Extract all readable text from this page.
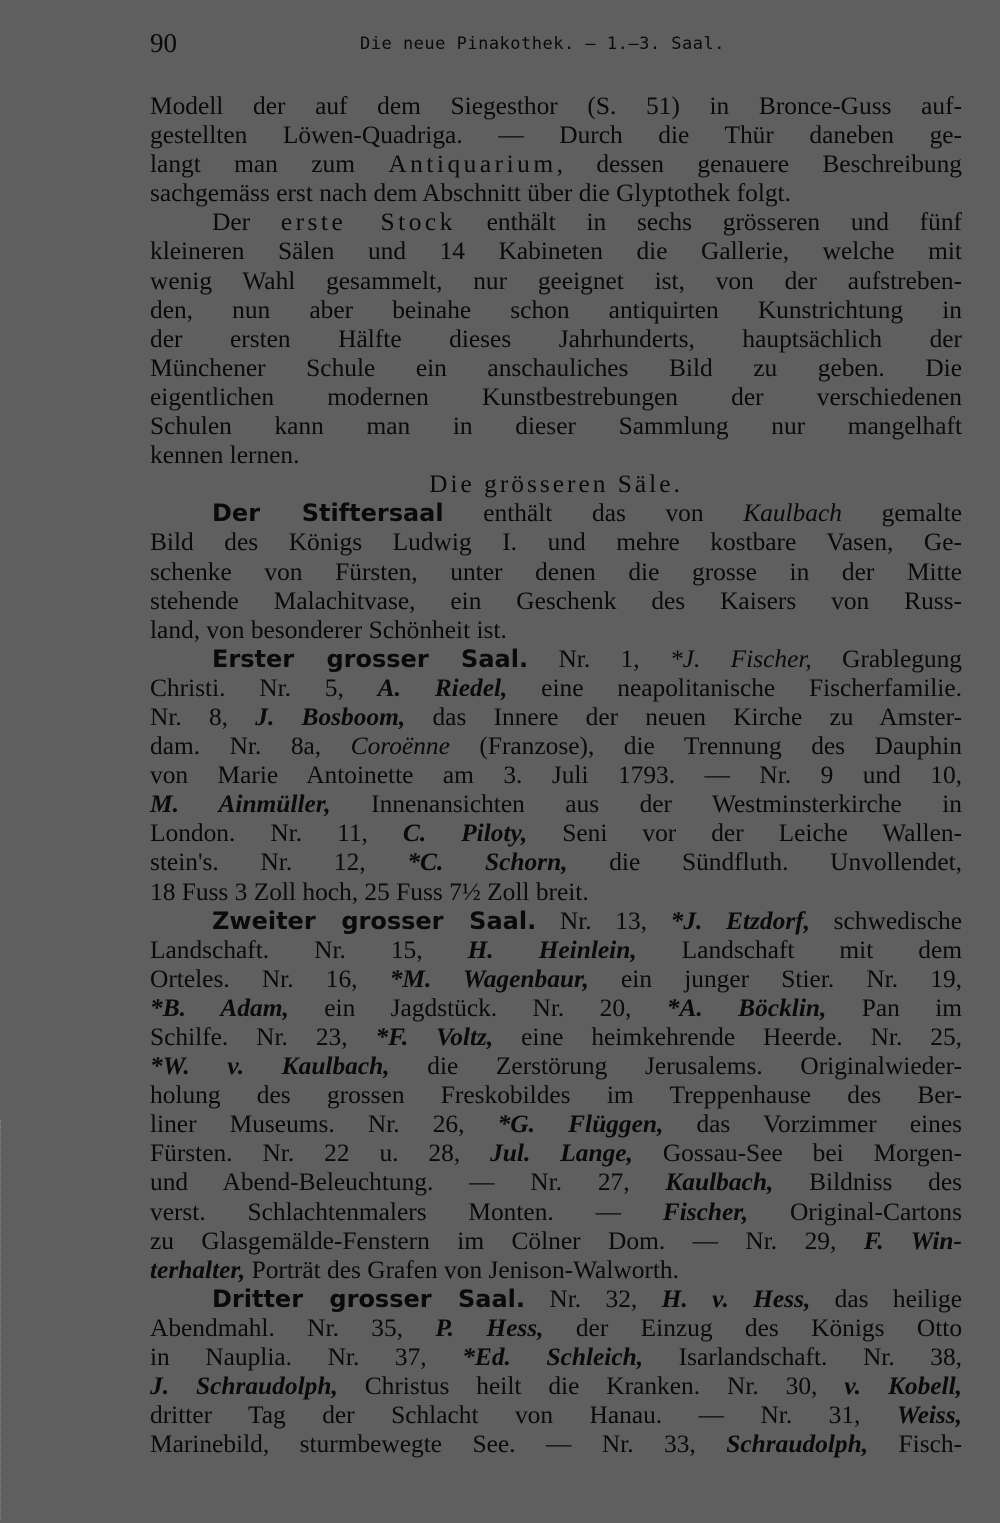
90	Die neue Pinakothek. — 1.—3. Saal.
Modell der auf dem Siegesthor (S. 51) in Bronce-Guss auf-
gestellten Löwen-Quadriga. — Durch die Thür daneben ge-
langt man zum Antiquarium, dessen genauere Beschreibung
sachgemäss erst nach dem Abschnitt über die Glyptothek folgt.
Der erste Stock enthält in sechs grösseren und fünf
kleineren Sälen und 14 Kabineten die Gallerie, welche mit
wenig Wahl gesammelt, nur geeignet ist, von der aufstreben-
den, nun aber beinahe schon antiquirten Kunstrichtung in
der ersten Hälfte dieses Jahrhunderts, hauptsächlich der
Münchener Schule ein anschauliches Bild zu geben. Die
eigentlichen modernen Kunstbestrebungen der verschiedenen
Schulen kann man in dieser Sammlung nur mangelhaft
kennen lernen.
Die grösseren Säle.
Der Stiftersaal enthält das von Kaulbach gemalte
Bild des Königs Ludwig I. und mehre kostbare Vasen, Ge-
schenke von Fürsten, unter denen die grosse in der Mitte
stehende Malachitvase, ein Geschenk des Kaisers von Russ-
land, von besonderer Schönheit ist.
Erster grosser Saal. Nr. 1, *J. Fischer, Grablegung
Christi. Nr. 5, A. Riedel, eine neapolitanische Fischerfamilie.
Nr. 8, J. Bosboom, das Innere der neuen Kirche zu Amster-
dam. Nr. 8a, Coroënne (Franzose), die Trennung des Dauphin
von Marie Antoinette am 3. Juli 1793. — Nr. 9 und 10,
M. Ainmüller, Innenansichten aus der Westminsterkirche in
London. Nr. 11, C. Piloty, Seni vor der Leiche Wallen-
stein's. Nr. 12, *C. Schorn, die Sündfluth. Unvollendet,
18 Fuss 3 Zoll hoch, 25 Fuss 7½ Zoll breit.
Zweiter grosser Saal. Nr. 13, *J. Etzdorf, schwedische
Landschaft. Nr. 15, H. Heinlein, Landschaft mit dem
Orteles. Nr. 16, *M. Wagenbaur, ein junger Stier. Nr. 19,
*B. Adam, ein Jagdstück. Nr. 20, *A. Böcklin, Pan im
Schilfe. Nr. 23, *F. Voltz, eine heimkehrende Heerde. Nr. 25,
*W. v. Kaulbach, die Zerstörung Jerusalems. Originalwieder-
holung des grossen Freskobildes im Treppenhause des Ber-
liner Museums. Nr. 26, *G. Flüggen, das Vorzimmer eines
Fürsten. Nr. 22 u. 28, Jul. Lange, Gossau-See bei Morgen-
und Abend-Beleuchtung. — Nr. 27, Kaulbach, Bildniss des
verst. Schlachtenmalers Monten. — Fischer, Original-Cartons
zu Glasgemälde-Fenstern im Cölner Dom. — Nr. 29, F. Win-
terhalter, Porträt des Grafen von Jenison-Walworth.
Dritter grosser Saal. Nr. 32, H. v. Hess, das heilige
Abendmahl. Nr. 35, P. Hess, der Einzug des Königs Otto
in Nauplia. Nr. 37, *Ed. Schleich, Isarlandschaft. Nr. 38,
J. Schraudolph, Christus heilt die Kranken. Nr. 30, v. Kobell,
dritter Tag der Schlacht von Hanau. — Nr. 31, Weiss,
Marinebild, sturmbewegte See. — Nr. 33, Schraudolph, Fisch-
